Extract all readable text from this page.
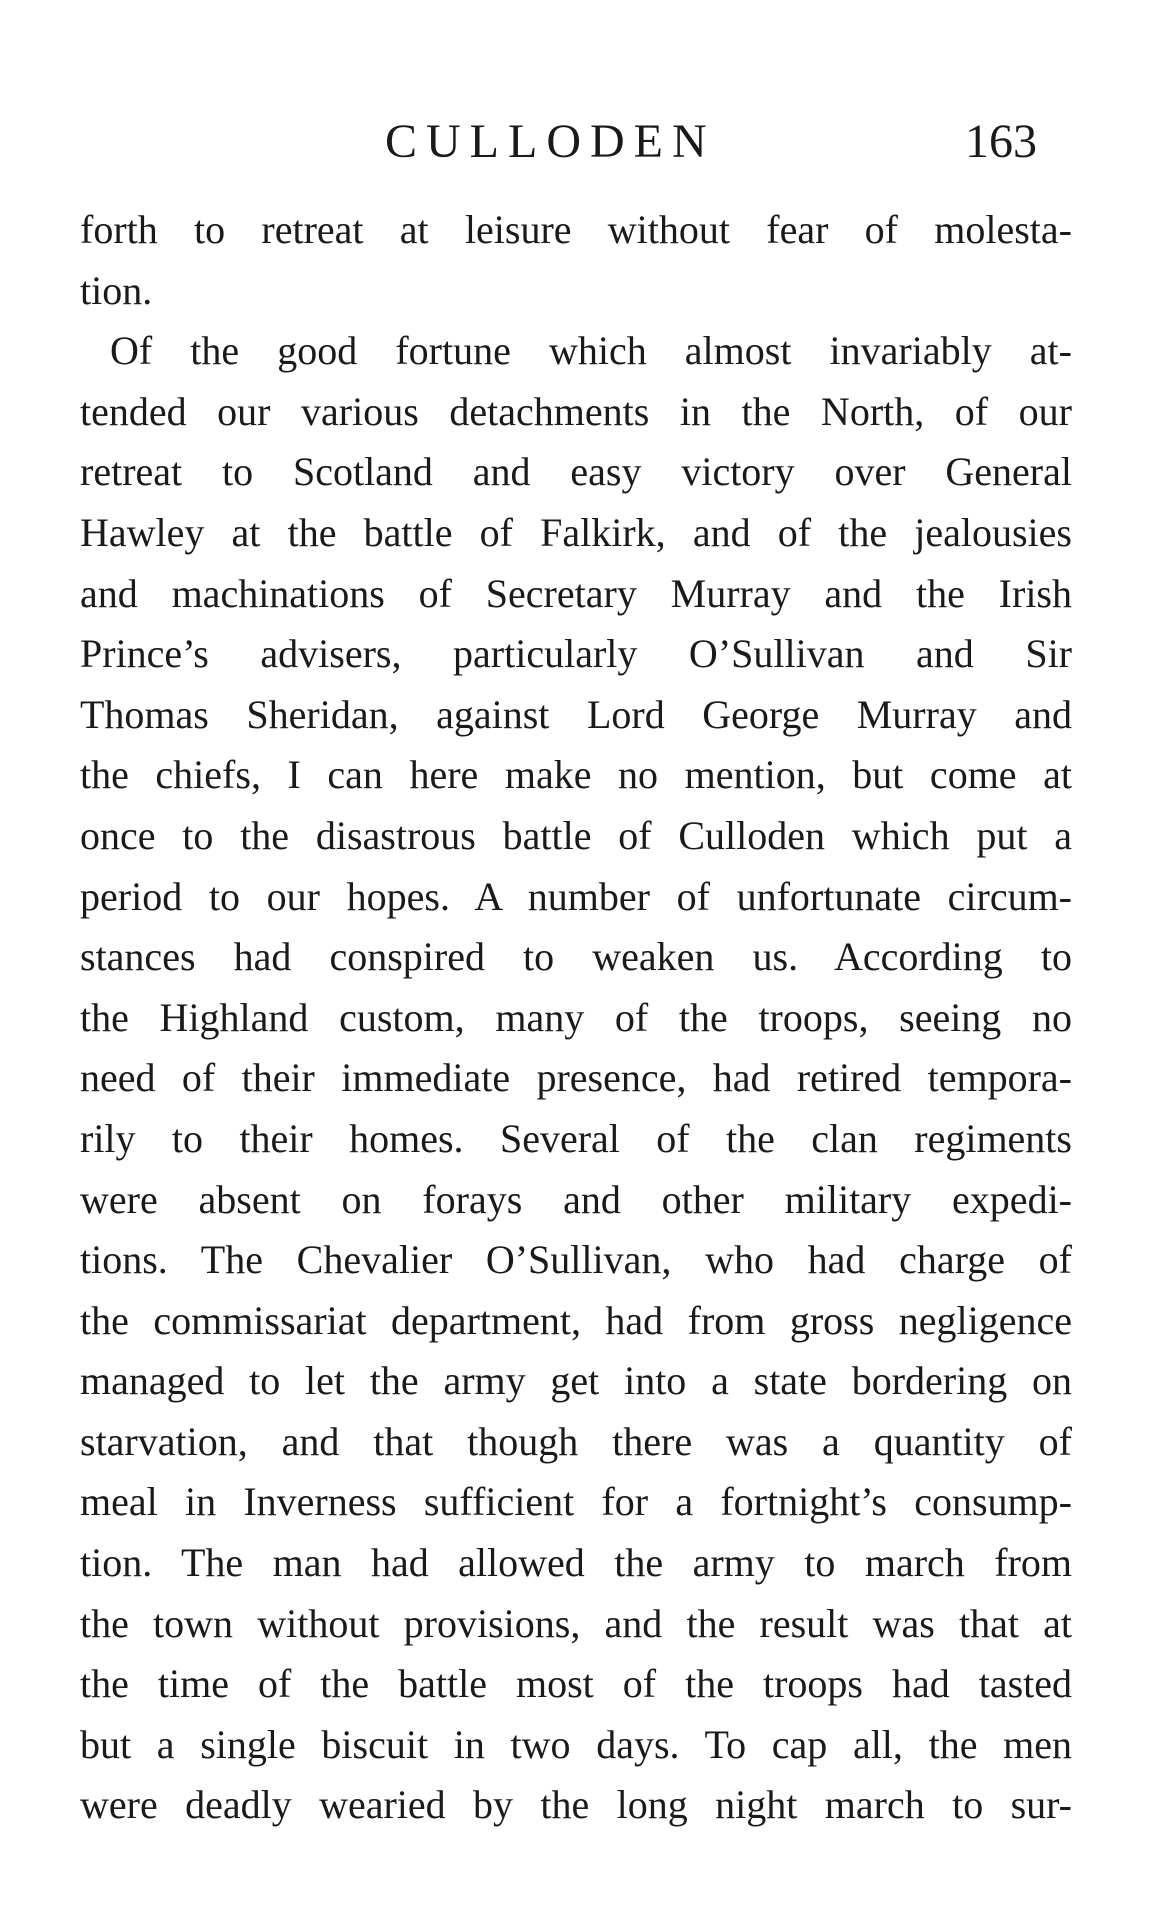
CULLODEN	163
forth to retreat at leisure without fear of molesta-
tion.
Of the good fortune which almost invariably at-
tended our various detachments in the North, of our
retreat to Scotland and easy victory over General
Hawley at the battle of Falkirk, and of the jealousies
and machinations of Secretary Murray and the Irish
Prince’s advisers, particularly O’Sullivan and Sir
Thomas Sheridan, against Lord George Murray and
the chiefs, I can here make no mention, but come at
once to the disastrous battle of Culloden which put a
period to our hopes. A number of unfortunate circum-
stances had conspired to weaken us. According to
the Highland custom, many of the troops, seeing no
need of their immediate presence, had retired tempora-
rily to their homes. Several of the clan regiments
were absent on forays and other military expedi-
tions. The Chevalier O’Sullivan, who had charge of
the commissariat department, had from gross negligence
managed to let the army get into a state bordering on
starvation, and that though there was a quantity of
meal in Inverness sufficient for a fortnight’s consump-
tion. The man had allowed the army to march from
the town without provisions, and the result was that at
the time of the battle most of the troops had tasted
but a single biscuit in two days. To cap all, the men
were deadly wearied by the long night march to sur-
